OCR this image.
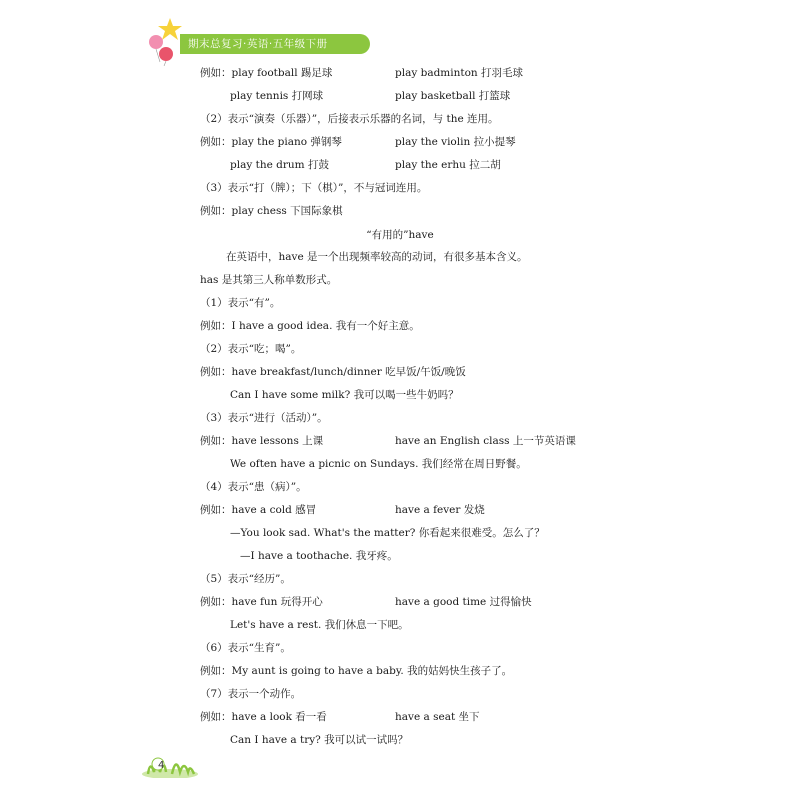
期末总复习·英语·五年级下册
例如：play football 踢足球	play badminton 打羽毛球
play tennis 打网球	play basketball 打篮球
（2）表示“演奏（乐器）”，后接表示乐器的名词，与 the 连用。
例如：play the piano 弹钢琴	play the violin 拉小提琴
play the drum 打鼓	play the erhu 拉二胡
（3）表示“打（牌）；下（棋）”，不与冠词连用。
例如：play chess 下国际象棋
“有用的”have
在英语中，have 是一个出现频率较高的动词，有很多基本含义。
has 是其第三人称单数形式。
（1）表示“有”。
例如：I have a good idea. 我有一个好主意。
（2）表示“吃；喝”。
例如：have breakfast/lunch/dinner 吃早饭/午饭/晚饭
Can I have some milk? 我可以喝一些牛奶吗？
（3）表示“进行（活动）”。
例如：have lessons 上课	have an English class 上一节英语课
We often have a picnic on Sundays. 我们经常在周日野餐。
（4）表示“患（病）”。
例如：have a cold 感冒	have a fever 发烧
—You look sad. What's the matter? 你看起来很难受。怎么了？
—I have a toothache. 我牙疼。
（5）表示“经历”。
例如：have fun 玩得开心	have a good time 过得愉快
Let's have a rest. 我们休息一下吧。
（6）表示“生育”。
例如：My aunt is going to have a baby. 我的姑妈快生孩子了。
（7）表示一个动作。
例如：have a look 看一看	have a seat 坐下
Can I have a try? 我可以试一试吗？
4
